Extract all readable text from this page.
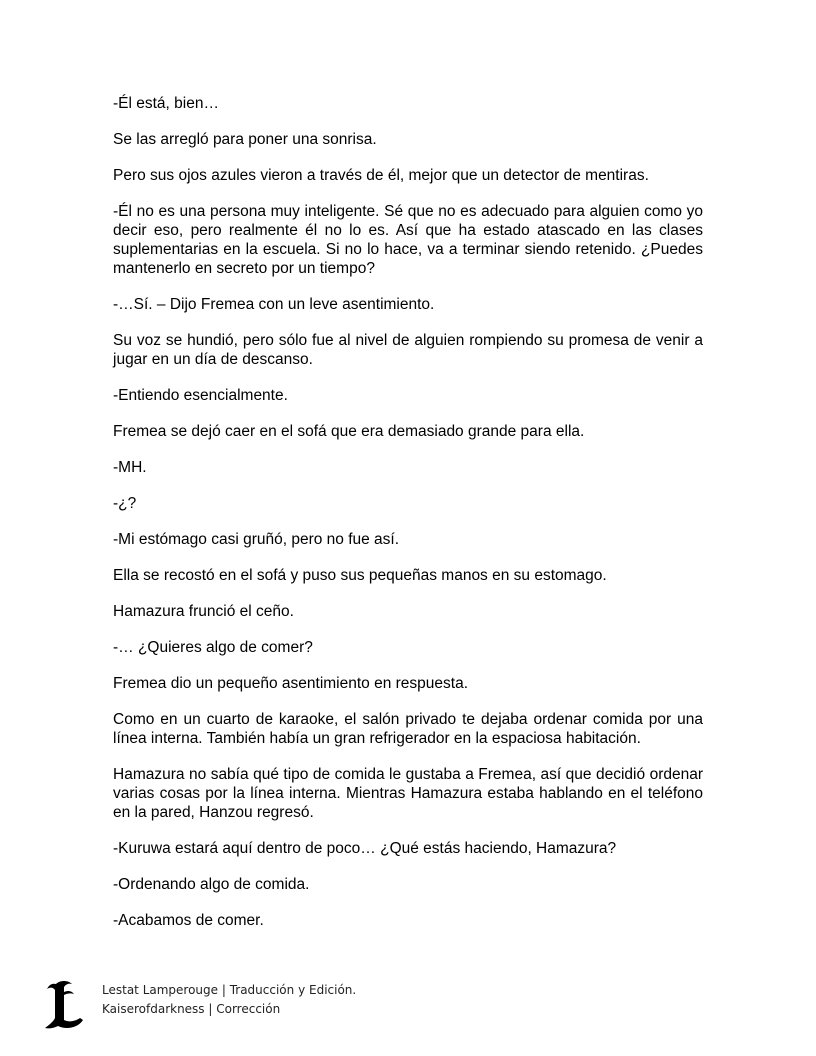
-Él está, bien…

Se las arregló para poner una sonrisa.

Pero sus ojos azules vieron a través de él, mejor que un detector de mentiras.

-Él no es una persona muy inteligente. Sé que no es adecuado para alguien como yo decir eso, pero realmente él no lo es. Así que ha estado atascado en las clases suplementarias en la escuela. Si no lo hace, va a terminar siendo retenido. ¿Puedes mantenerlo en secreto por un tiempo?

-…Sí. – Dijo Fremea con un leve asentimiento.

Su voz se hundió, pero sólo fue al nivel de alguien rompiendo su promesa de venir a jugar en un día de descanso.

-Entiendo esencialmente.

Fremea se dejó caer en el sofá que era demasiado grande para ella.

-MH.

-¿?

-Mi estómago casi gruñó, pero no fue así.

Ella se recostó en el sofá y puso sus pequeñas manos en su estomago.

Hamazura frunció el ceño.

-… ¿Quieres algo de comer?

Fremea dio un pequeño asentimiento en respuesta.

Como en un cuarto de karaoke, el salón privado te dejaba ordenar comida por una línea interna. También había un gran refrigerador en la espaciosa habitación.

Hamazura no sabía qué tipo de comida le gustaba a Fremea, así que decidió ordenar varias cosas por la línea interna. Mientras Hamazura estaba hablando en el teléfono en la pared, Hanzou regresó.

-Kuruwa estará aquí dentro de poco… ¿Qué estás haciendo, Hamazura?

-Ordenando algo de comida.

-Acabamos de comer.

Lestat Lamperouge | Traducción y Edición.
Kaiserofdarkness | Corrección
